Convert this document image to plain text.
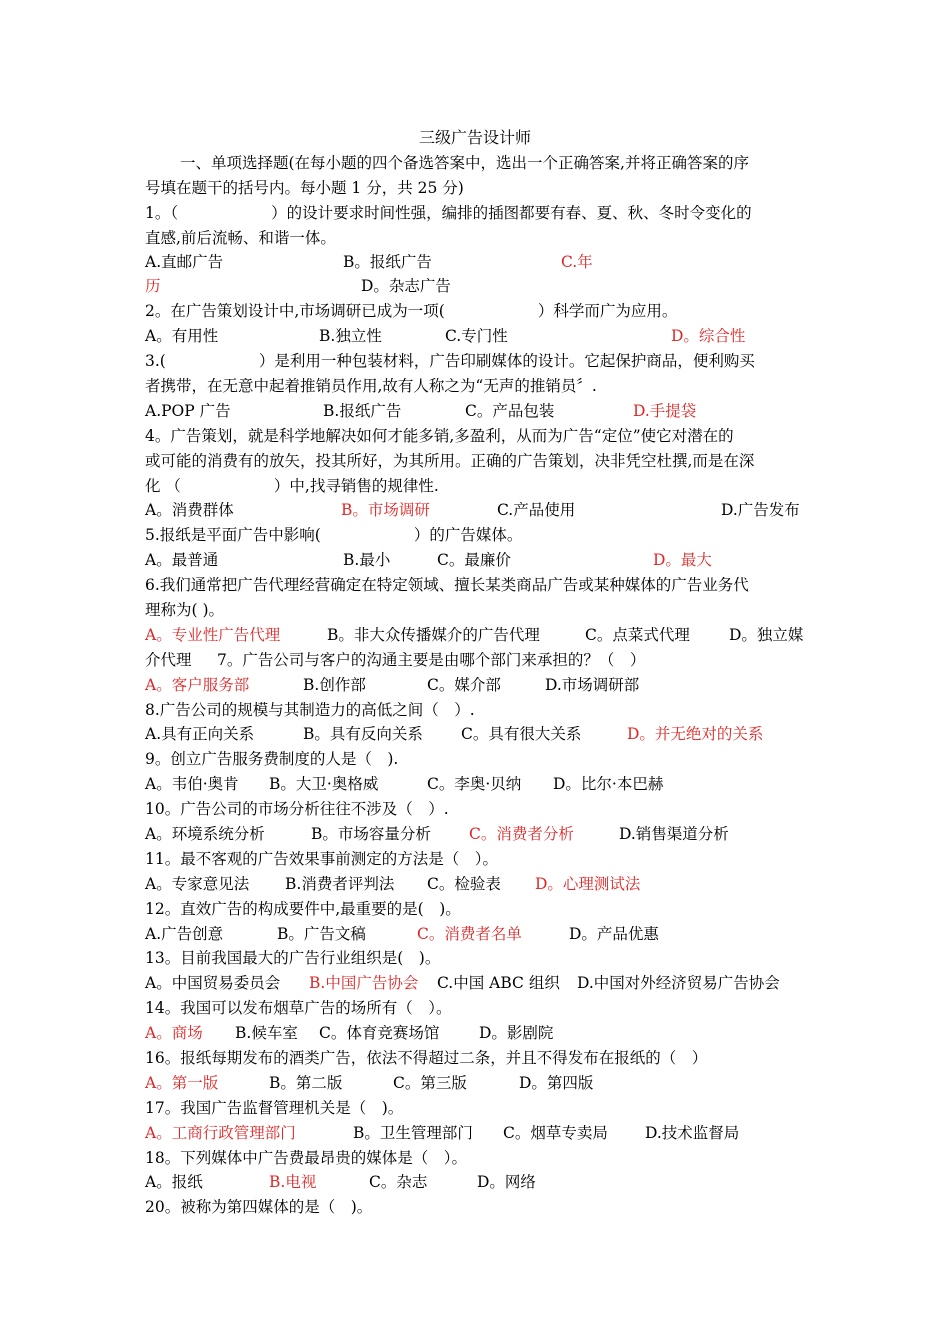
三级广告设计师
一、单项选择题(在每小题的四个备选答案中，选出一个正确答案,并将正确答案的序
号填在题干的括号内。每小题 1 分，共 25 分)
1。（　　　　　　）的设计要求时间性强，编排的插图都要有春、夏、秋、冬时令变化的
直感,前后流畅、和谐一体。

A.直邮广告

	B。报纸广告

	C.年

历

	D。杂志广告

2。在广告策划设计中,市场调研已成为一项(　　　　　　）科学而广为应用。

A。有用性

	B.独立性

	C.专门性

	D。综合性

3.(　　　　　　）是利用一种包装材料，广告印刷媒体的设计。它起保护商品，便利购买
者携带，在无意中起着推销员作用,故有人称之为“无声的推销员〞.

A.POP 广告

	B.报纸广告

	C。产品包装

	D.手提袋

4。广告策划，就是科学地解决如何才能多销,多盈利，从而为广告“定位”使它对潜在的
或可能的消费有的放矢，投其所好，为其所用。正确的广告策划，决非凭空杜撰,而是在深
化 （　　　　　　）中,找寻销售的规律性.

A。消费群体

	B。市场调研

	C.产品使用

	D.广告发布

5.报纸是平面广告中影响(　　　　　　）的广告媒体。

A。最普通

	B.最小

	C。最廉价

	D。最大

6.我们通常把广告代理经营确定在特定领域、擅长某类商品广告或某种媒体的广告业务代
理称为( )。

A。专业性广告代理

	B。非大众传播媒介的广告代理

	C。点菜式代理

	D。独立媒

介代理

7。广告公司与客户的沟通主要是由哪个部门来承担的？（　）

A。客户服务部

	B.创作部

	C。媒介部

	D.市场调研部

8.广告公司的规模与其制造力的高低之间（　）.

A.具有正向关系

	B。具有反向关系

C。具有很大关系

	D。并无绝对的关系

9。创立广告服务费制度的人是（　).

A。韦伯·奥肯

B。大卫·奥格威

	C。李奥·贝纳

D。比尔·本巴赫

10。广告公司的市场分析往往不涉及（　）.

A。环境系统分析

	B。市场容量分析

C。消费者分析

	D.销售渠道分析

11。最不客观的广告效果事前测定的方法是（　）。

A。专家意见法

B.消费者评判法

C。检验表

D。心理测试法

12。直效广告的构成要件中,最重要的是(　)。

A.广告创意

	B。广告文稿

	C。消费者名单

	D。产品优惠

13。目前我国最大的广告行业组织是(　)。

A。中国贸易委员会

B.中国广告协会

C.中国 ABC 组织

D.中国对外经济贸易广告协会

14。我国可以发布烟草广告的场所有（　）。

A。商场

B.候车室

C。体育竞赛场馆

	D。影剧院

16。报纸每期发布的酒类广告，依法不得超过二条，并且不得发布在报纸的（　）

A。第一版

	B。第二版

	C。第三版

	D。第四版

17。我国广告监督管理机关是（　)。

A。工商行政管理部门

	B。卫生管理部门

C。烟草专卖局

D.技术监督局

18。下列媒体中广告费最昂贵的媒体是（　）。

A。报纸

	B.电视

	C。杂志

	D。网络

20。被称为第四媒体的是（　)。
